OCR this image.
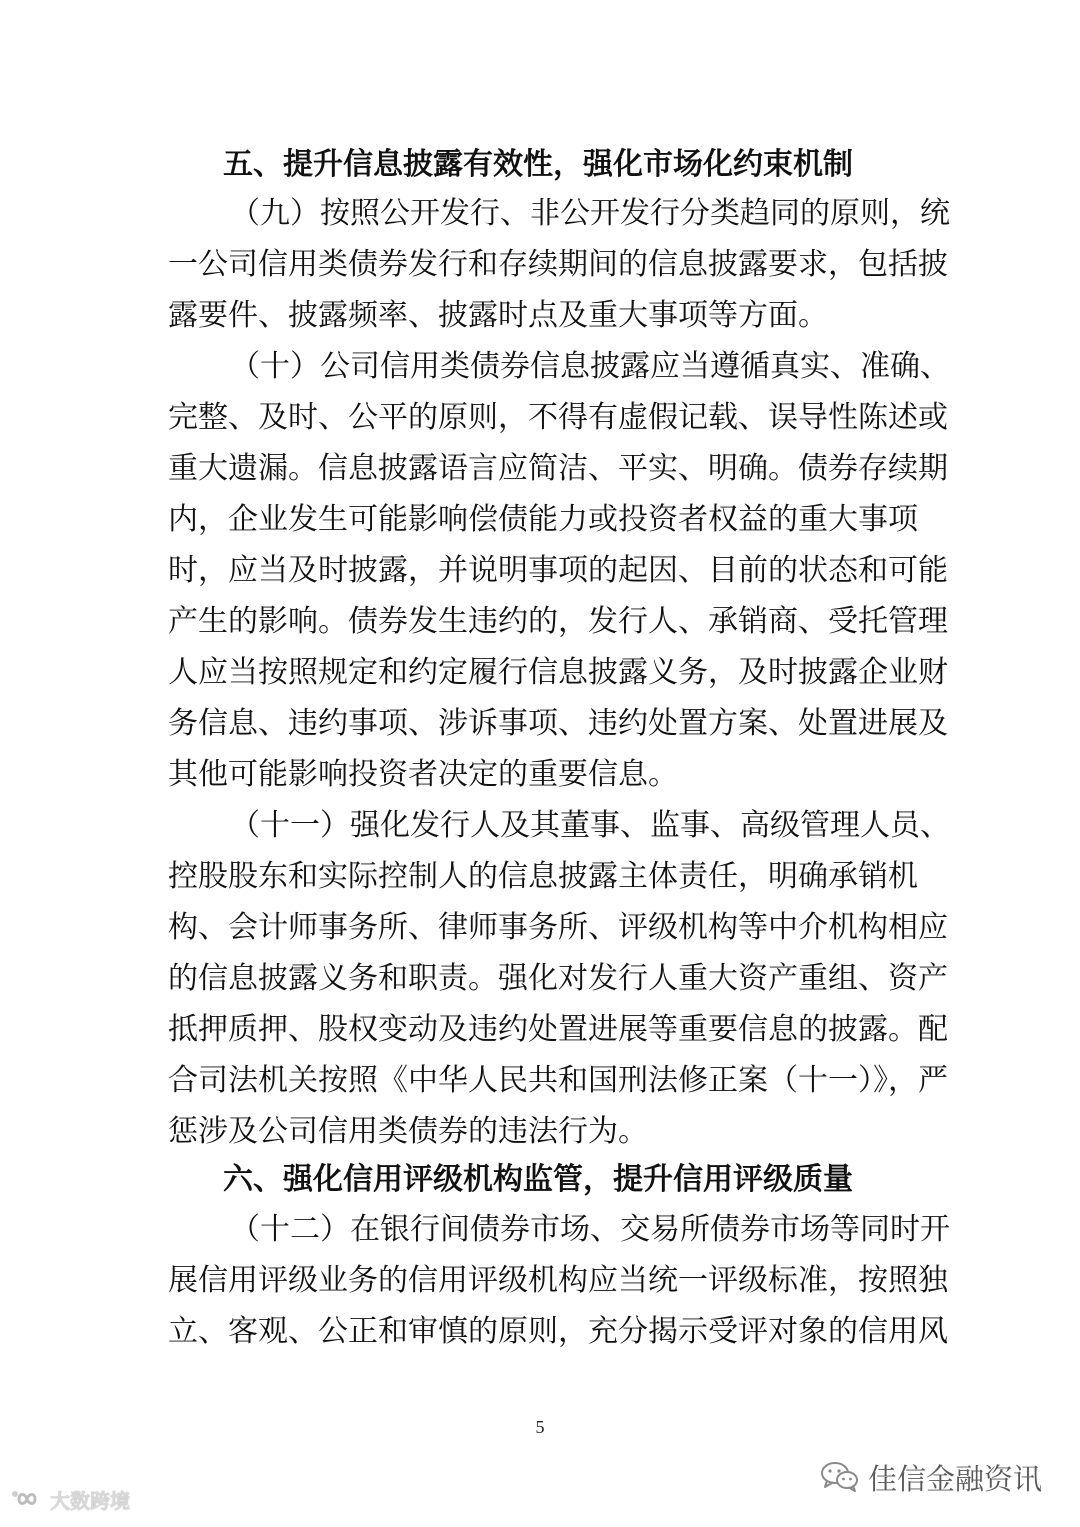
五、提升信息披露有效性，强化市场化约束机制
（九）按照公开发行、非公开发行分类趋同的原则，统
一公司信用类债券发行和存续期间的信息披露要求，包括披
露要件、披露频率、披露时点及重大事项等方面。
（十）公司信用类债券信息披露应当遵循真实、准确、
完整、及时、公平的原则，不得有虚假记载、误导性陈述或
重大遗漏。信息披露语言应简洁、平实、明确。债券存续期
内，企业发生可能影响偿债能力或投资者权益的重大事项
时，应当及时披露，并说明事项的起因、目前的状态和可能
产生的影响。债券发生违约的，发行人、承销商、受托管理
人应当按照规定和约定履行信息披露义务，及时披露企业财
务信息、违约事项、涉诉事项、违约处置方案、处置进展及
其他可能影响投资者决定的重要信息。
（十一）强化发行人及其董事、监事、高级管理人员、
控股股东和实际控制人的信息披露主体责任，明确承销机
构、会计师事务所、律师事务所、评级机构等中介机构相应
的信息披露义务和职责。强化对发行人重大资产重组、资产
抵押质押、股权变动及违约处置进展等重要信息的披露。配
合司法机关按照《中华人民共和国刑法修正案（十一）》，严
惩涉及公司信用类债券的违法行为。
六、强化信用评级机构监管，提升信用评级质量
（十二）在银行间债券市场、交易所债券市场等同时开
展信用评级业务的信用评级机构应当统一评级标准，按照独
立、客观、公正和审慎的原则，充分揭示受评对象的信用风
5
大数跨境
佳信金融资讯
